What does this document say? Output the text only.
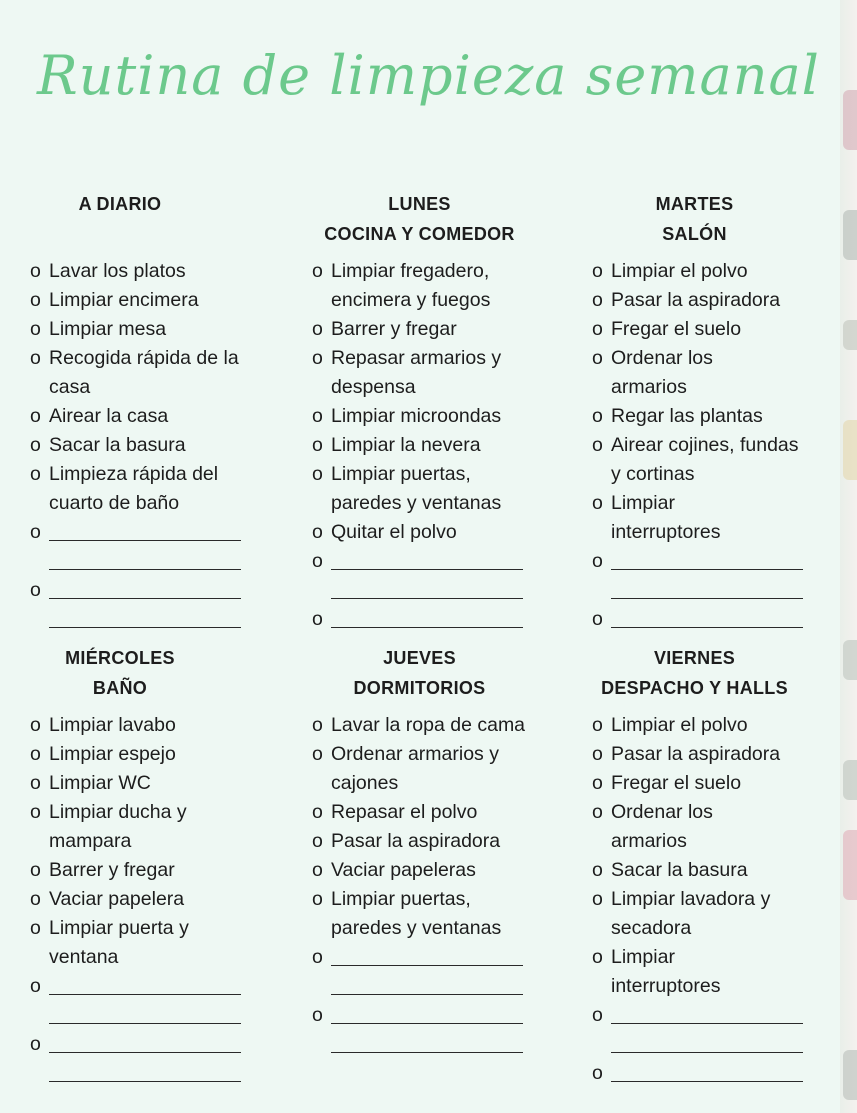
Rutina de limpieza semanal
A DIARIO
o Lavar los platos
o Limpiar encimera
o Limpiar mesa
o Recogida rápida de la casa
o Airear la casa
o Sacar la basura
o Limpieza rápida del cuarto de baño
o
o
LUNES
COCINA Y COMEDOR
o Limpiar fregadero, encimera y fuegos
o Barrer y fregar
o Repasar armarios y despensa
o Limpiar microondas
o Limpiar la nevera
o Limpiar puertas, paredes y ventanas
o Quitar el polvo
o
o
MARTES
SALÓN
o Limpiar el polvo
o Pasar la aspiradora
o Fregar el suelo
o Ordenar los armarios
o Regar las plantas
o Airear cojines, fundas y cortinas
o Limpiar interruptores
o
o
MIÉRCOLES
BAÑO
o Limpiar lavabo
o Limpiar espejo
o Limpiar WC
o Limpiar ducha y mampara
o Barrer y fregar
o Vaciar papelera
o Limpiar puerta y ventana
o
o
JUEVES
DORMITORIOS
o Lavar la ropa de cama
o Ordenar armarios y cajones
o Repasar el polvo
o Pasar la aspiradora
o Vaciar papeleras
o Limpiar puertas, paredes y ventanas
o
o
VIERNES
DESPACHO Y HALLS
o Limpiar el polvo
o Pasar la aspiradora
o Fregar el suelo
o Ordenar los armarios
o Sacar la basura
o Limpiar lavadora y secadora
o Limpiar interruptores
o
o
